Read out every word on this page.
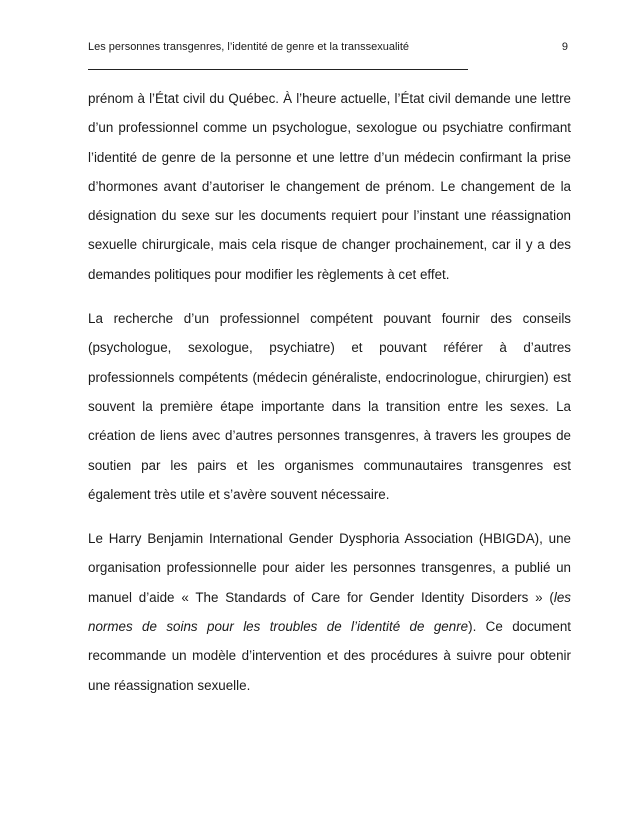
Les personnes transgenres, l’identité de genre et la transsexualité	9

prénom à l’État civil du Québec. À l’heure actuelle, l’État civil demande une lettre d’un professionnel comme un psychologue, sexologue ou psychiatre confirmant l’identité de genre de la personne et une lettre d’un médecin confirmant la prise d’hormones avant d’autoriser le changement de prénom. Le changement de la désignation du sexe sur les documents requiert pour l’instant une réassignation sexuelle chirurgicale, mais cela risque de changer prochainement, car il y a des demandes politiques pour modifier les règlements à cet effet.

La recherche d’un professionnel compétent pouvant fournir des conseils (psychologue, sexologue, psychiatre) et pouvant référer à d’autres professionnels compétents (médecin généraliste, endocrinologue, chirurgien) est souvent la première étape importante dans la transition entre les sexes. La création de liens avec d’autres personnes transgenres, à travers les groupes de soutien par les pairs et les organismes communautaires transgenres est également très utile et s’avère souvent nécessaire.

Le Harry Benjamin International Gender Dysphoria Association (HBIGDA), une organisation professionnelle pour aider les personnes transgenres, a publié un manuel d’aide « The Standards of Care for Gender Identity Disorders » (les normes de soins pour les troubles de l’identité de genre). Ce document recommande un modèle d’intervention et des procédures à suivre pour obtenir une réassignation sexuelle.
